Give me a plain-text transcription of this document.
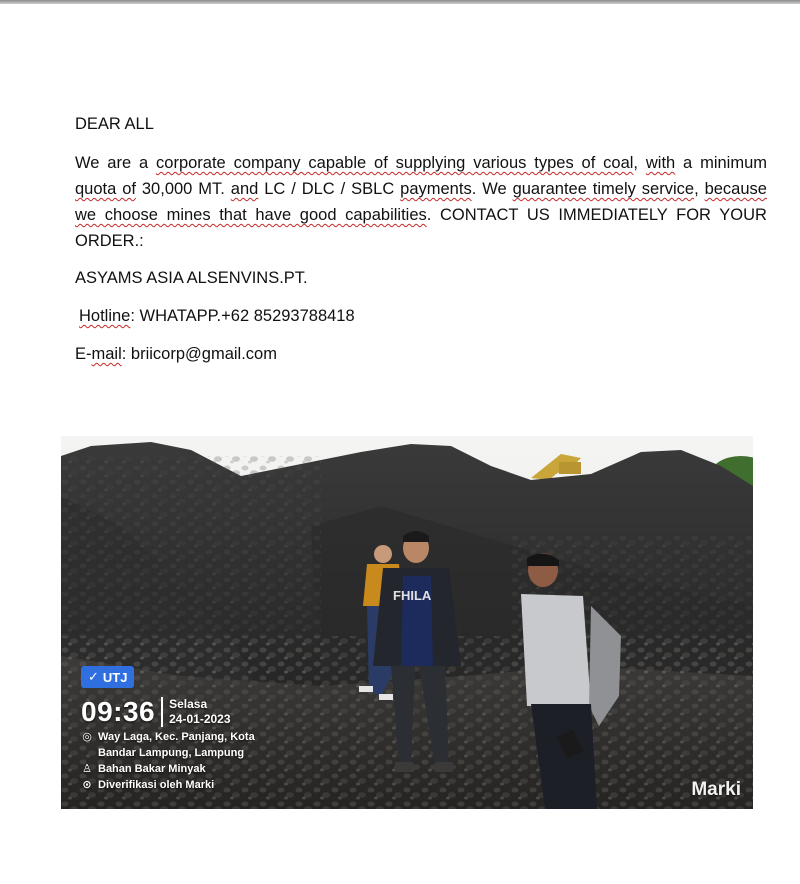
DEAR ALL

We are a corporate company capable of supplying various types of coal, with a minimum quota of 30,000 MT. and LC / DLC / SBLC payments. We guarantee timely service, because we choose mines that have good capabilities. CONTACT US IMMEDIATELY FOR YOUR ORDER.:

ASYAMS ASIA ALSENVINS.PT.

Hotline: WHATAPP.+62 85293788418

E-mail: briicorp@gmail.com

FHILA
✓ UTJ
09:36 Selasa
24-01-2023
◎ Way Laga, Kec. Panjang, Kota
Bandar Lampung, Lampung
♙ Bahan Bakar Minyak
⊙ Diverifikasi oleh Marki	Marki
